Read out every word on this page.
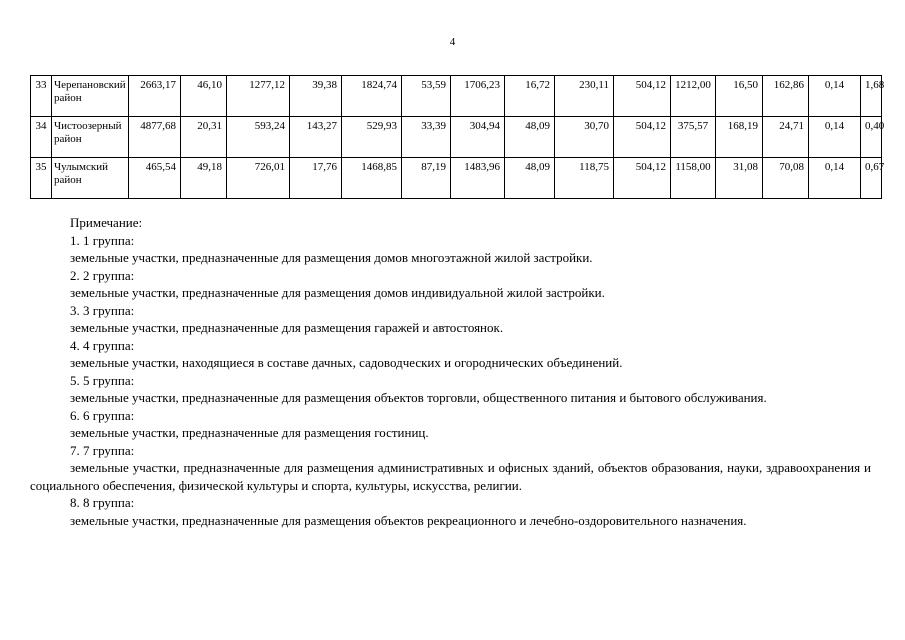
4
33	Черепановский район	2663,17	46,10	1277,12	39,38	1824,74	53,59	1706,23	16,72	230,11	504,12	1212,00	16,50	162,86	0,14	1,68	
34	Чистоозерный район	4877,68	20,31	593,24	143,27	529,93	33,39	304,94	48,09	30,70	504,12	375,57	168,19	24,71	0,14	0,40	
35	Чулымский район	465,54	49,18	726,01	17,76	1468,85	87,19	1483,96	48,09	118,75	504,12	1158,00	31,08	70,08	0,14	0,67	

Примечание:

1. 1 группа:

земельные участки, предназначенные для размещения домов многоэтажной жилой застройки.

2. 2 группа:

земельные участки, предназначенные для размещения домов индивидуальной жилой застройки.

3. 3 группа:

земельные участки, предназначенные для размещения гаражей и автостоянок.

4. 4 группа:

земельные участки, находящиеся в составе дачных, садоводческих и огороднических объединений.

5. 5 группа:

земельные участки, предназначенные для размещения объектов торговли, общественного питания и бытового обслуживания.

6. 6 группа:

земельные участки, предназначенные для размещения гостиниц.

7. 7 группа:

земельные участки, предназначенные для размещения административных и офисных зданий, объектов образования, науки, здравоохранения и социального обеспечения, физической культуры и спорта, культуры, искусства, религии.

8. 8 группа:

земельные участки, предназначенные для размещения объектов рекреационного и лечебно-оздоровительного назначения.
